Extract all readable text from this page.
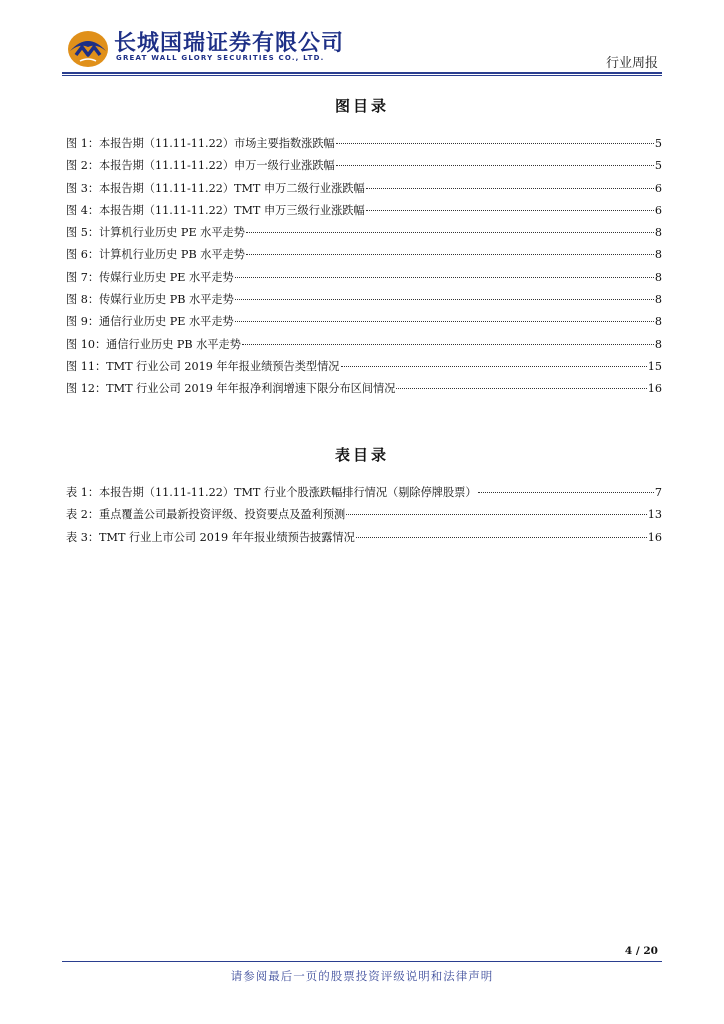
长城国瑞证券有限公司
GREAT WALL GLORY SECURITIES CO., LTD.	行业周报
图目录
图 1：本报告期（11.11-11.22）市场主要指数涨跌幅	5
图 2：本报告期（11.11-11.22）申万一级行业涨跌幅	5
图 3：本报告期（11.11-11.22）TMT 申万二级行业涨跌幅	6
图 4：本报告期（11.11-11.22）TMT 申万三级行业涨跌幅	6
图 5：计算机行业历史 PE 水平走势	8
图 6：计算机行业历史 PB 水平走势	8
图 7：传媒行业历史 PE 水平走势	8
图 8：传媒行业历史 PB 水平走势	8
图 9：通信行业历史 PE 水平走势	8
图 10：通信行业历史 PB 水平走势	8
图 11：TMT 行业公司 2019 年年报业绩预告类型情况	15
图 12：TMT 行业公司 2019 年年报净利润增速下限分布区间情况	16
表目录
表 1：本报告期（11.11-11.22）TMT 行业个股涨跌幅排行情况（剔除停牌股票）	7
表 2：重点覆盖公司最新投资评级、投资要点及盈利预测	13
表 3：TMT 行业上市公司 2019 年年报业绩预告披露情况	16
4 / 20
请参阅最后一页的股票投资评级说明和法律声明
